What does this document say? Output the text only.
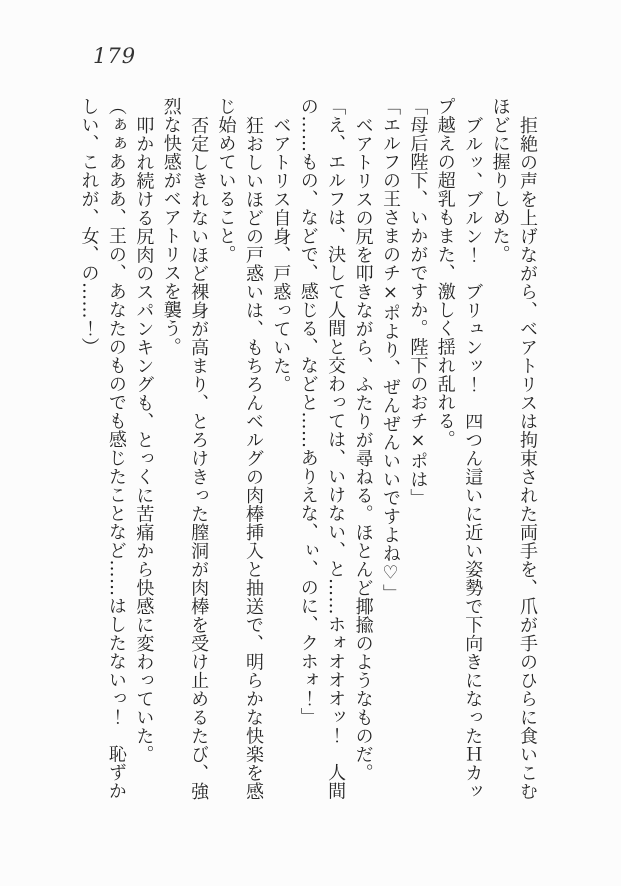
179

拒絶の声を上げながら、ベアトリスは拘束された両手を、爪が手のひらに食いこむほどに握りしめた。

ブルッ、ブルン！　ブリュンッ！　四つん這いに近い姿勢で下向きになったＨカップ越えの超乳もまた、激しく揺れ乱れる。

「母后陛下、いかがですか。陛下のおチ×ポは」

「エルフの王さまのチ×ポより、ぜんぜんいいですよね♡」

ベアトリスの尻を叩きながら、ふたりが尋ねる。ほとんど揶揄のようなものだ。

「え、エルフは、決して人間と交わっては、いけない、と……ホォオオオッ！　人間の……もの、などで、感じる、などと……ありえな、ぃ、のに、クホォ！」

ベアトリス自身、戸惑っていた。

狂おしいほどの戸惑いは、もちろんベルグの肉棒挿入と抽送で、明らかな快楽を感じ始めていること。

否定しきれないほど裸身が高まり、とろけきった膣洞が肉棒を受け止めるたび、強烈な快感がベアトリスを襲う。

叩かれ続ける尻肉のスパンキングも、とっくに苦痛から快感に変わっていた。

（ぁぁあああ、王の、あなたのものでも感じたことなど……はしたないっ！　恥ずかしい、これが、女、の……！）
